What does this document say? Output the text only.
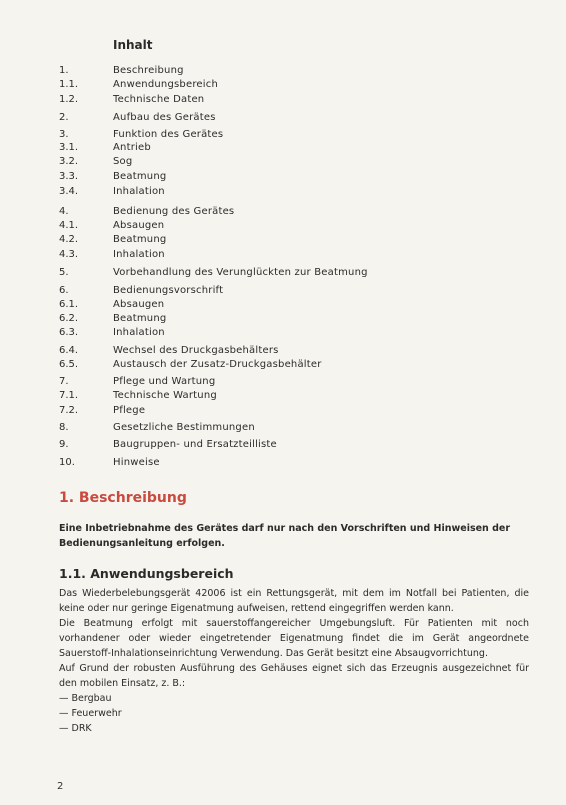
Inhalt
1.	Beschreibung
1.1.	Anwendungsbereich
1.2.	Technische Daten
2.	Aufbau des Gerätes
3.	Funktion des Gerätes
3.1.	Antrieb
3.2.	Sog
3.3.	Beatmung
3.4.	Inhalation
4.	Bedienung des Gerätes
4.1.	Absaugen
4.2.	Beatmung
4.3.	Inhalation
5.	Vorbehandlung des Verunglückten zur Beatmung
6.	Bedienungsvorschrift
6.1.	Absaugen
6.2.	Beatmung
6.3.	Inhalation
6.4.	Wechsel des Druckgasbehälters
6.5.	Austausch der Zusatz-Druckgasbehälter
7.	Pflege und Wartung
7.1.	Technische Wartung
7.2.	Pflege
8.	Gesetzliche Bestimmungen
9.	Baugruppen- und Ersatzteilliste
10.	Hinweise
1. Beschreibung
Eine Inbetriebnahme des Gerätes darf nur nach den Vorschriften und Hinweisen der Bedienungsanleitung erfolgen.
1.1. Anwendungsbereich

Das Wiederbelebungsgerät 42006 ist ein Rettungsgerät, mit dem im Notfall bei Patienten, die keine oder nur geringe Eigenatmung aufweisen, rettend eingegriffen werden kann.

Die Beatmung erfolgt mit sauerstoffangereicher Umgebungsluft. Für Patienten mit noch vorhandener oder wieder eingetretender Eigenatmung findet die im Gerät angeordnete Sauerstoff-Inhalationseinrichtung Verwendung. Das Gerät besitzt eine Absaugvorrichtung.

Auf Grund der robusten Ausführung des Gehäuses eignet sich das Erzeugnis ausgezeichnet für den mobilen Einsatz, z. B.:

— Bergbau
— Feuerwehr
— DRK
2
